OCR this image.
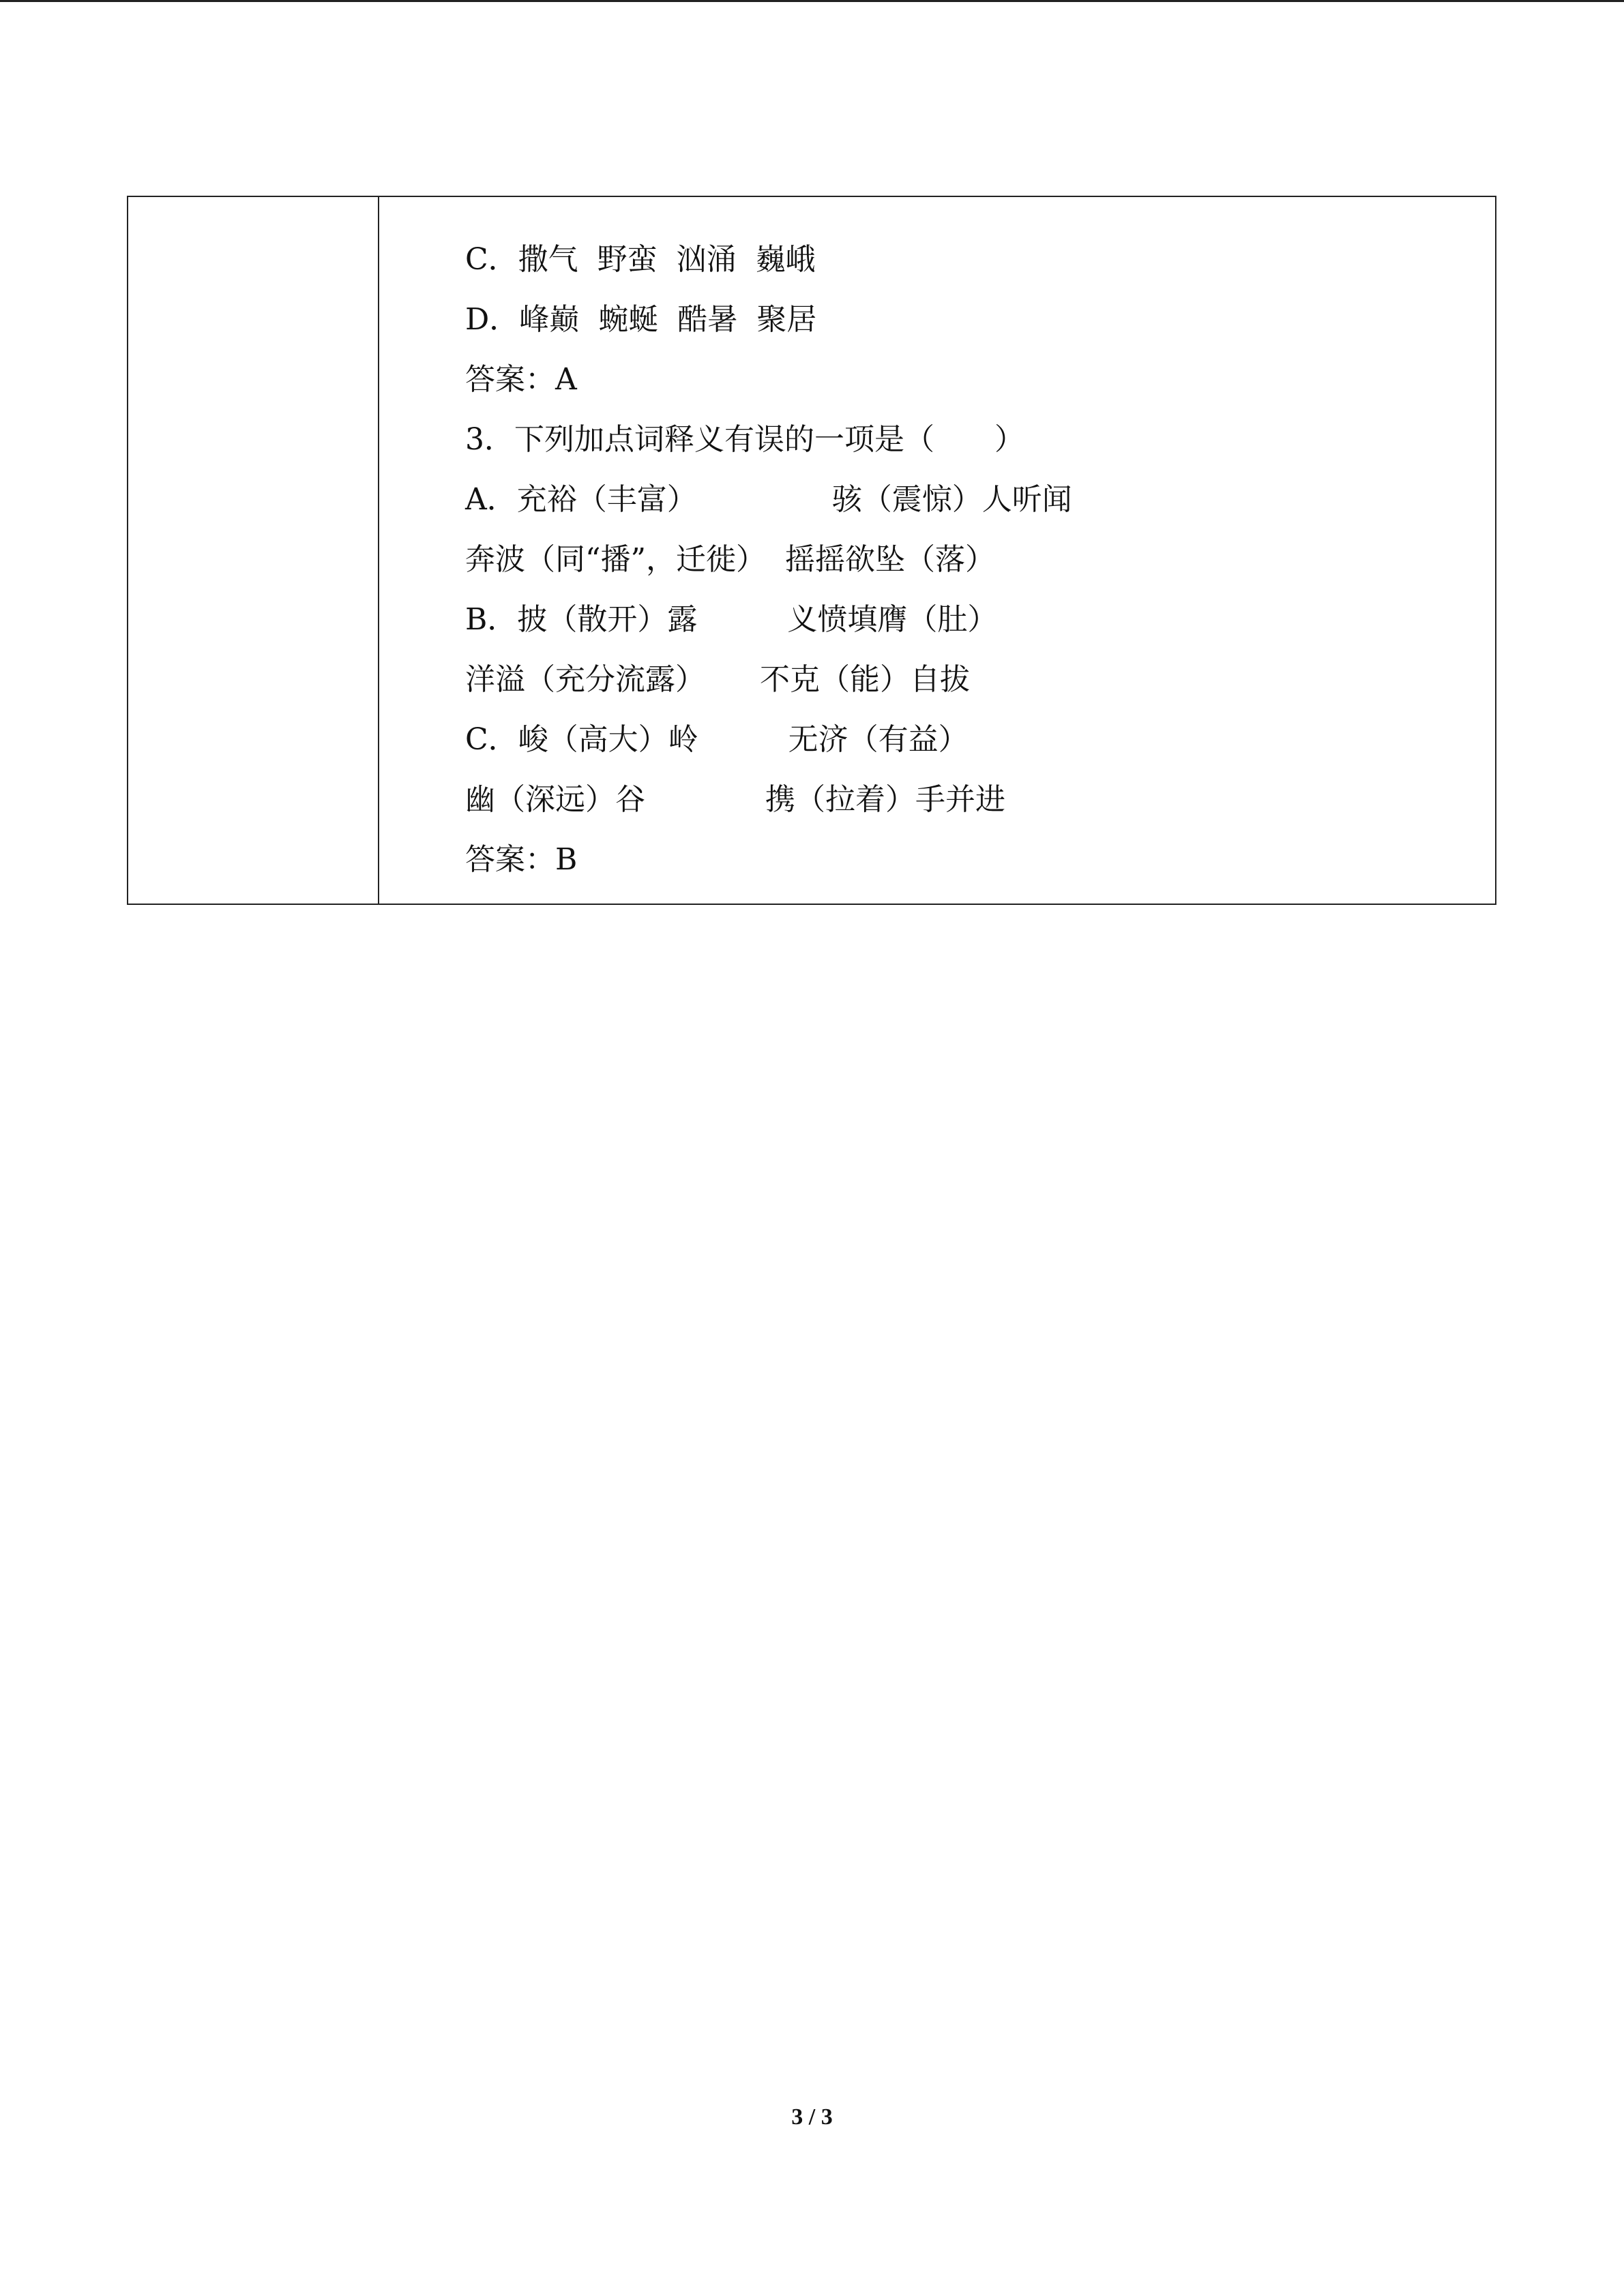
C．撒气  野蛮  汹涌  巍峨
D．峰巅  蜿蜒  酷暑  聚居
答案：A
3．下列加点词释义有误的一项是（　　）
A．充裕（丰富）　　　　　骇（震惊）人听闻
奔波（同“播”，迁徙）  摇摇欲坠（落）
B．披（散开）露　　　义愤填膺（肚）
洋溢（充分流露）　　 不克（能）自拔
C．峻（高大）岭　　　无济（有益）
幽（深远）谷　　　　携（拉着）手并进
答案：B
3 / 3
